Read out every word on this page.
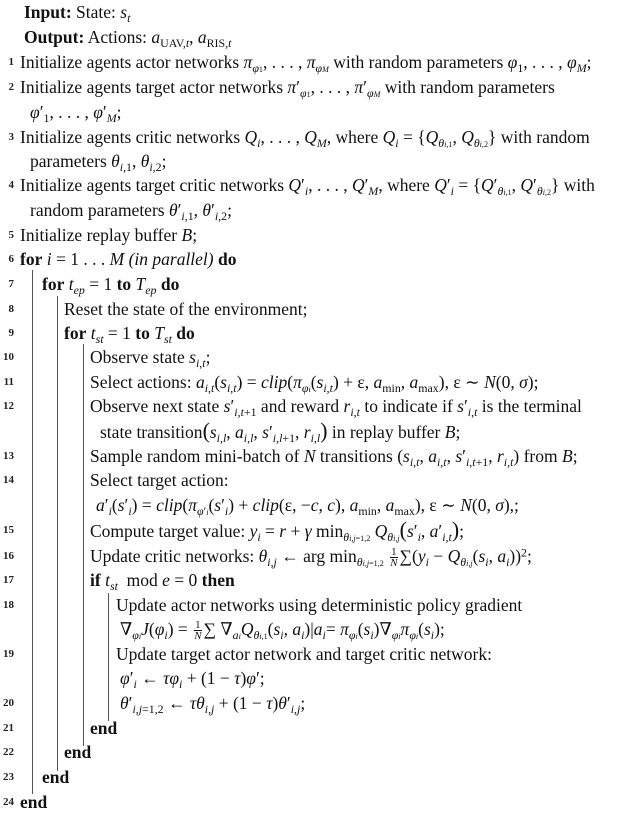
1
2
3
4
5
6
7
8
9
10
11
12
13
14
15
16
17
18
19
20
21
22
23
24
Input: State: $s_t$
Output: Actions: $a_{UAV,t}$, $a_{RIS,t}$
Initialize agents actor networks $\pi_{\varphi 1}$, . . . , $\pi_{\varphi M}$ with random parameters $\varphi_1$, . . . , $\varphi_M$;
Initialize agents target actor networks $\pi'_{\varphi 1}$, . . . , $\pi'_{\varphi M}$ with random parameters
$\varphi'_1$, . . . , $\varphi'_M$;
Initialize agents critic networks $Q_i$, . . . , $Q_M$, where $Q_i = \{Q_{\theta i,1}$, $Q_{\theta i,2}$} with random
parameters $\theta_{i,1}$, $\theta_{i,2}$;
Initialize agents target critic networks $Q'_i$, . . . , $Q'_M$, where $Q'_i = \{Q'_{\theta i,1}$, $Q'_{\theta i,2}$} with
random parameters $\theta'_{i,1}$, $\theta'_{i,2}$;
Initialize replay buffer B;
for i = 1 . . . M (in parallel) do
for $t_{ep} = 1$ to $T_{ep}$ do
Reset the state of the environment;
for $t_{st} = 1$ to $T_{st}$ do
Observe state $s_{i,t}$;
Select actions: $a_{i,t}(s_{i,t})$ = $clip(\pi_{\varphi i}(s_{i,t}) + \varepsilon$, $a_{min}$, $a_{max}$), ε ∼ N(0, σ);
Observe next state $s'_{i,t+1}$ and reward $r_{i,t}$ to indicate if $s'_{i,t}$ is the terminal
state $transition(s_{i,l}$, $a_{i,l}$, $s'_{i,l+1}$, $r_{i,l}$) in replay buffer B;
Sample random mini-batch of N transitions ($s_{i,t}$, $a_{i,t}$, $s'_{i,t+1}$, $r_{i,t}$) from B;
Select target action:
$a'_i(s'_i)$ = $clip(\pi_{\varphi'i}(s'_i)$ + clip(ε, −c, c), $a_{min}$, $a_{max}$), ε ∼ N(0, σ),;
Compute target value: $y_i = r + \gamma$ $\min_{\theta i,j=1,2} Q_{\theta i,j}(s'_i$, $a'_{i,t}$);
Update critic networks: $\theta_{i,j}$ ← arg $\min_{\theta i,j=1,2} \frac{1}{N} \sum(y_i - Q_{\theta i,j}(s_i$, $a_i))^2$;
if $t_{st}$ mod e = 0 then
Update actor networks using deterministic policy gradient
$\nabla_{\varphi i}J(\varphi_i) = \frac{1}{N}$ ∑ $\nabla_{ai}Q_{\theta i,1}(s_i$, $a_i)|a_i= \pi_{\varphi i}(s_i)\nabla_{\varphi i}\pi_{\varphi i}(s_i)$;
Update target actor network and target critic network:
$\varphi'_i$ ← $\tau\varphi_i + (1 - \tau)\varphi'$;
$\theta'_{i,j=1,2}$ ← $\tau\theta_{i,j} + (1 - \tau)\theta'_{i,j}$;
end
end
end
end
